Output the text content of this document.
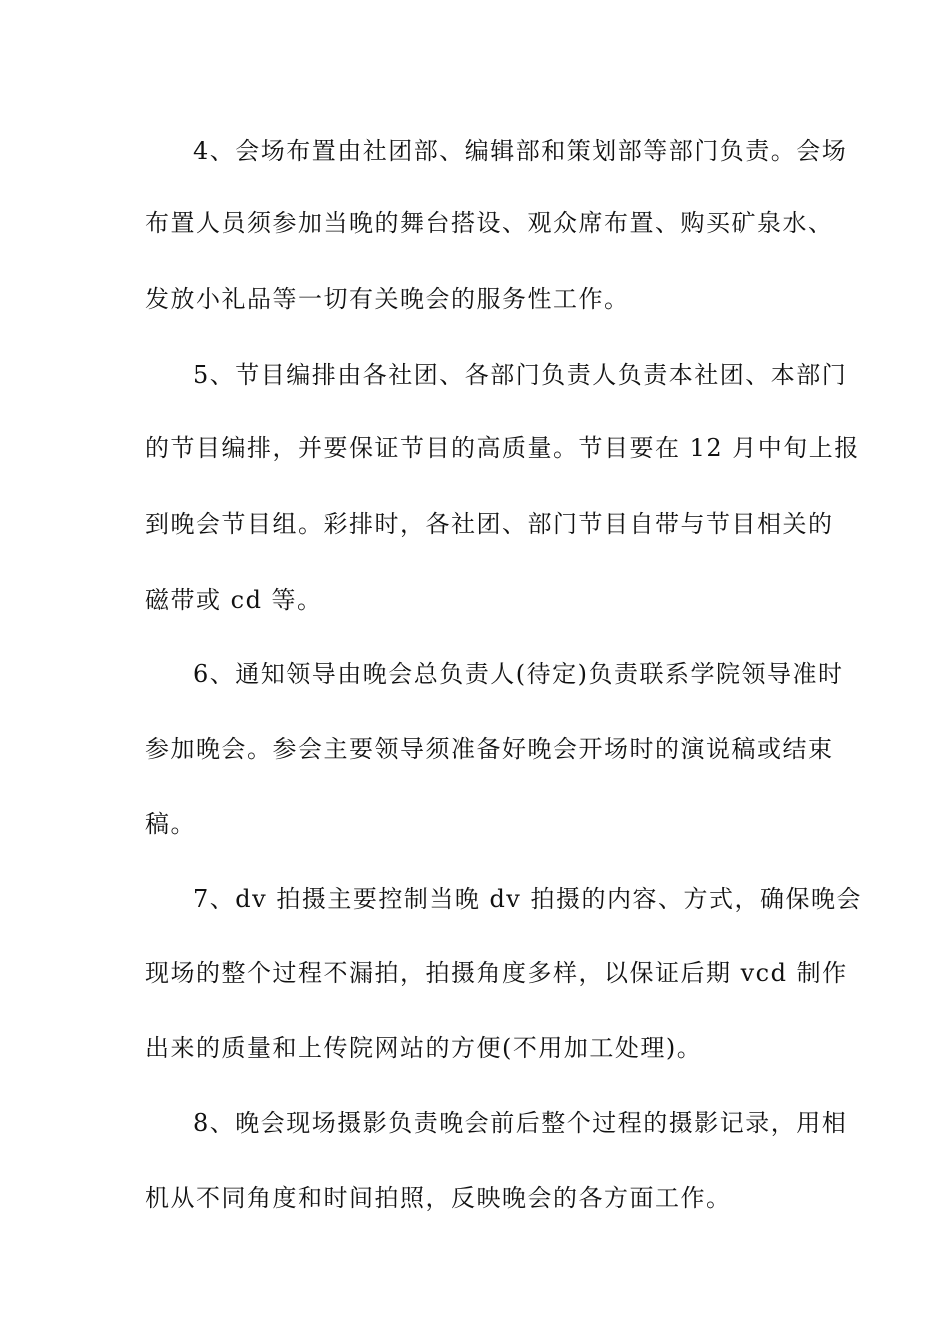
4、会场布置由社团部、编辑部和策划部等部门负责。会场
布置人员须参加当晚的舞台搭设、观众席布置、购买矿泉水、
发放小礼品等一切有关晚会的服务性工作。
5、节目编排由各社团、各部门负责人负责本社团、本部门
的节目编排，并要保证节目的高质量。节目要在 12 月中旬上报
到晚会节目组。彩排时，各社团、部门节目自带与节目相关的
磁带或 cd 等。
6、通知领导由晚会总负责人(待定)负责联系学院领导准时
参加晚会。参会主要领导须准备好晚会开场时的演说稿或结束
稿。
7、dv 拍摄主要控制当晚 dv 拍摄的内容、方式，确保晚会
现场的整个过程不漏拍，拍摄角度多样，以保证后期 vcd 制作
出来的质量和上传院网站的方便(不用加工处理)。
8、晚会现场摄影负责晚会前后整个过程的摄影记录，用相
机从不同角度和时间拍照，反映晚会的各方面工作。
